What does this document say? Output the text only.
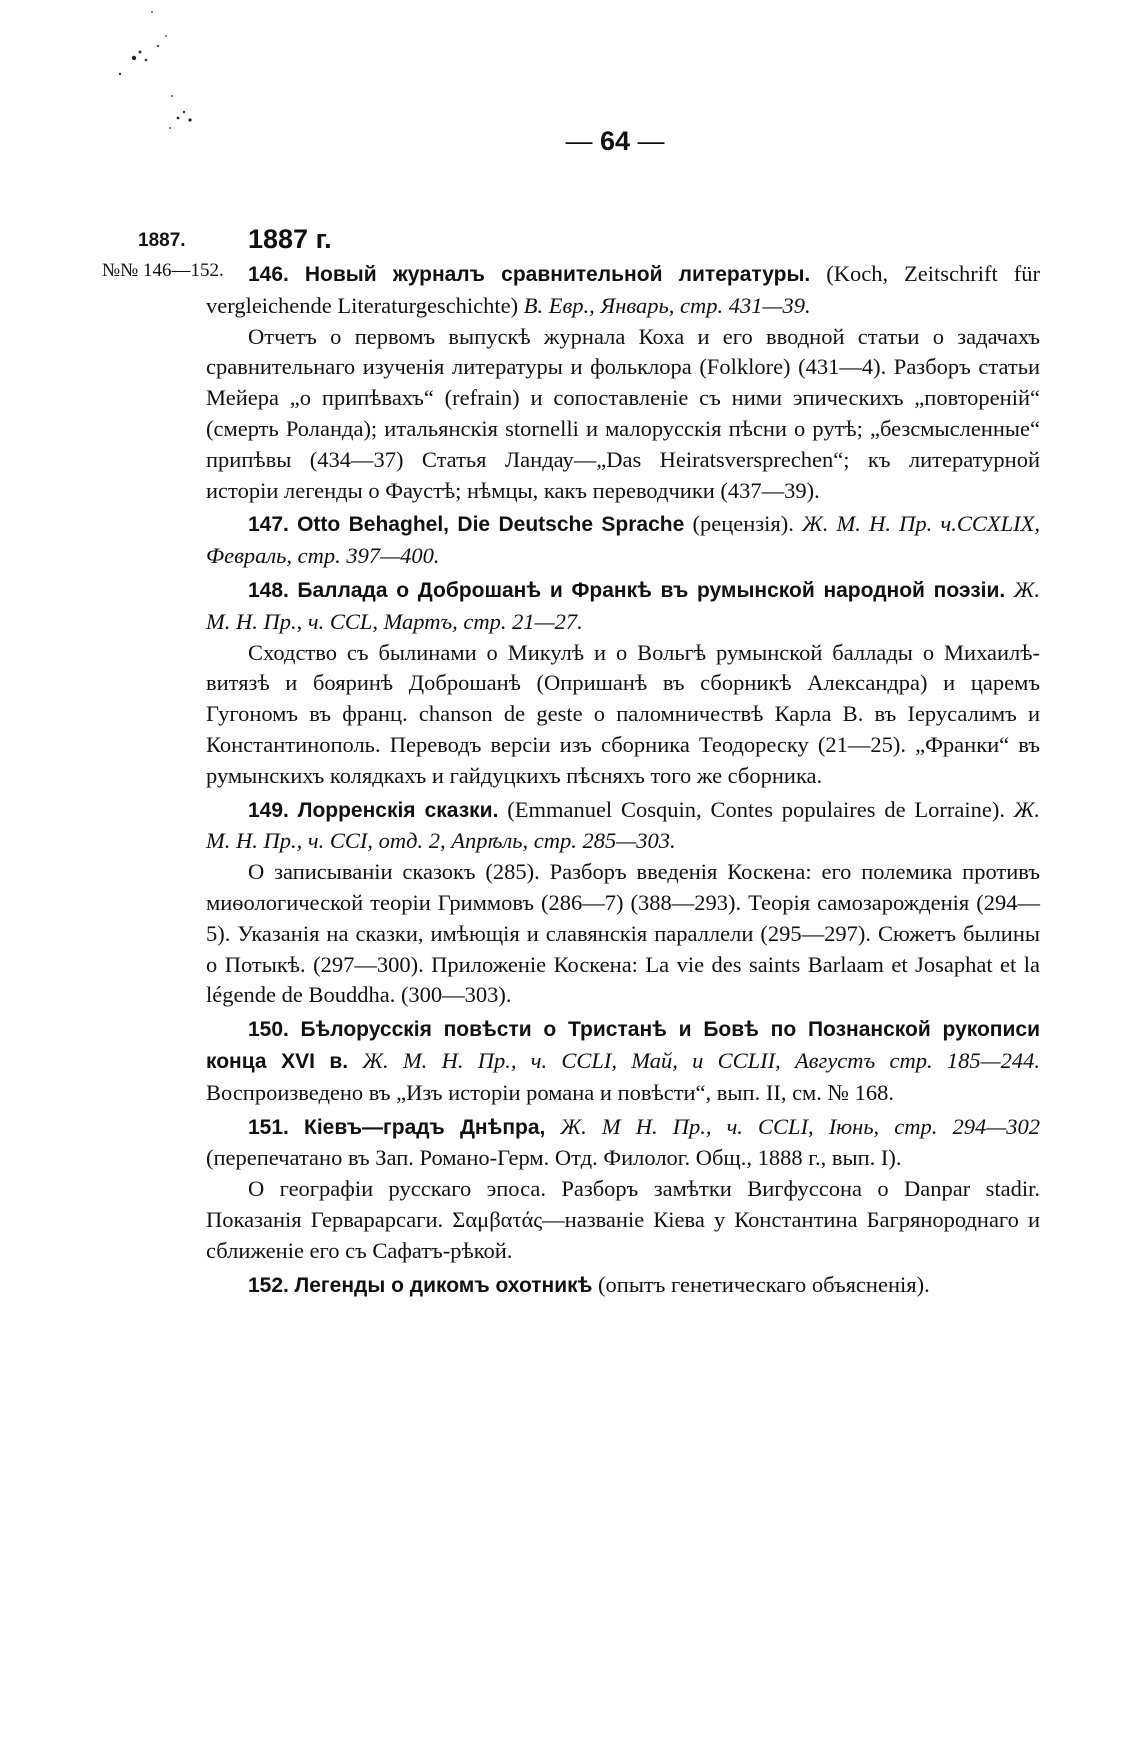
— 64 —
1887.
№№ 146—152.
1887 г.

146. Новый журналъ сравнительной литературы. (Koch, Zeitschrift für vergleichende Literaturgeschichte) В. Евр., Январь, стр. 431—39.

Отчетъ о первомъ выпускѣ журнала Коха и его вводной статьи о задачахъ сравнительнаго изученія литературы и фольклора (Folklore) (431—4). Разборъ статьи Мейера „о припѣвахъ“ (refrain) и сопоставленіе съ ними эпическихъ „повтореній“ (смерть Роланда); итальянскія stornelli и малорусскія пѣсни о рутѣ; „безсмысленные“ припѣвы (434—37) Статья Ландау—„Das Heiratsversprechen“; къ литературной исторіи легенды о Фаустѣ; нѣмцы, какъ переводчики (437—39).

147. Otto Behaghel, Die Deutsche Sprache (рецензія). Ж. М. Н. Пр. ч.CCXLIX, Февраль, стр. 397—400.

148. Баллада о Доброшанѣ и Франкѣ въ румынской народной поэзіи. Ж. М. Н. Пр., ч. CCL, Мартъ, стр. 21—27.

Сходство съ былинами о Микулѣ и о Вольгѣ румынской баллады о Михаилѣ-витязѣ и бояринѣ Доброшанѣ (Опришанѣ въ сборникѣ Александра) и царемъ Гугономъ въ франц. chanson de geste о паломничествѣ Карла В. въ Іерусалимъ и Константинополь. Переводъ версіи изъ сборника Теодореску (21—25). „Франки“ въ румынскихъ колядкахъ и гайдуцкихъ пѣсняхъ того же сборника.

149. Лорренскія сказки. (Emmanuel Cosquin, Contes populaires de Lorraine). Ж. М. Н. Пр., ч. CCI, отд. 2, Апрѣль, стр. 285—303.

О записываніи сказокъ (285). Разборъ введенія Коскена: его полемика противъ миѳологической теоріи Гриммовъ (286—7) (388—293). Теорія самозарожденія (294—5). Указанія на сказки, имѣющія и славянскія параллели (295—297). Сюжетъ былины о Потыкѣ. (297—300). Приложеніе Коскена: La vie des saints Barlaam et Josaphat et la légende de Bouddha. (300—303).

150. Бѣлорусскія повѣсти о Тристанѣ и Бовѣ по Познанской рукописи конца XVI в. Ж. М. Н. Пр., ч. CCLI, Май, и CCLII, Августъ стр. 185—244. Воспроизведено въ „Изъ исторіи романа и повѣсти“, вып. II, см. № 168.

151. Кіевъ—градъ Днѣпра, Ж. М Н. Пр., ч. CCLI, Іюнь, стр. 294—302 (перепечатано въ Зап. Романо-Герм. Отд. Филолог. Общ., 1888 г., вып. I).

О географіи русскаго эпоса. Разборъ замѣтки Вигфуссона о Danpar stadir. Показанія Герварарсаги. Σαμβατάς—названіе Кіева у Константина Багрянороднаго и сближеніе его съ Сафатъ-рѣкой.

152. Легенды о дикомъ охотникѣ (опытъ генетическаго объясненія).
